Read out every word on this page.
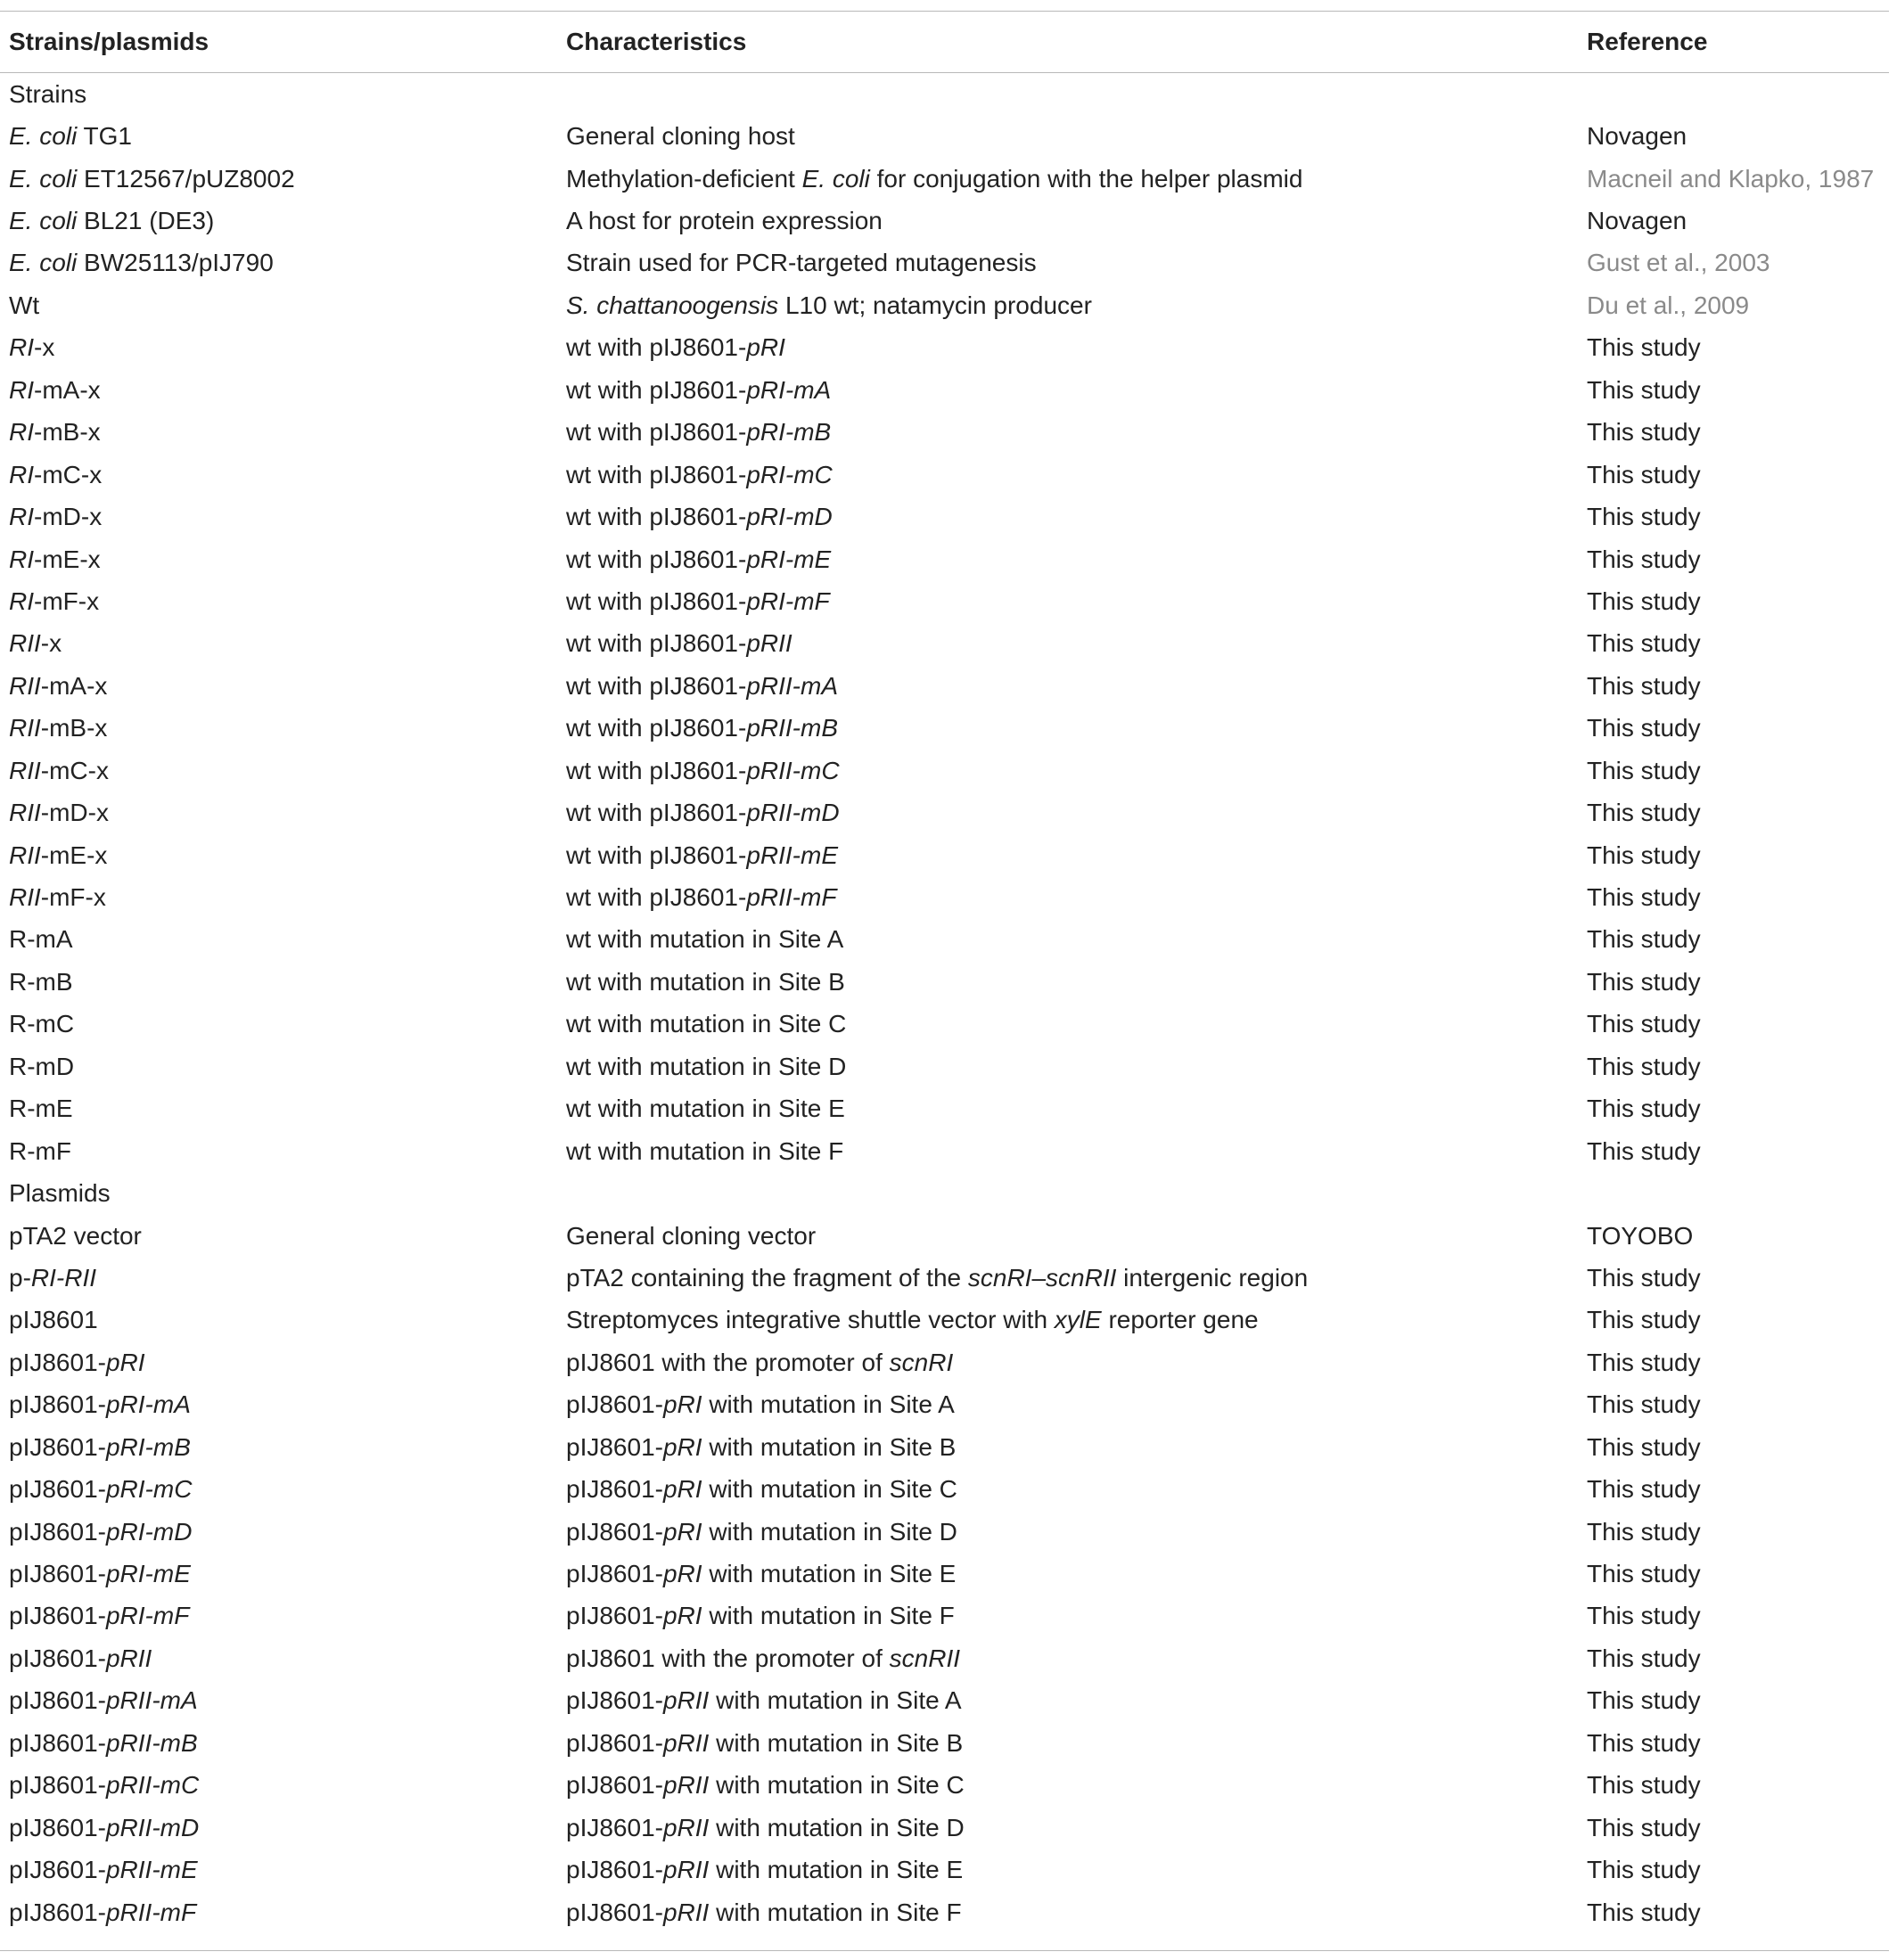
Strains/plasmids	Characteristics	Reference
Strains
E. coli TG1	General cloning host	Novagen
E. coli ET12567/pUZ8002	Methylation-deficient E. coli for conjugation with the helper plasmid	Macneil and Klapko, 1987
E. coli BL21 (DE3)	A host for protein expression	Novagen
E. coli BW25113/pIJ790	Strain used for PCR-targeted mutagenesis	Gust et al., 2003
Wt	S. chattanoogensis L10 wt; natamycin producer	Du et al., 2009
RI-x	wt with pIJ8601-pRI	This study
RI-mA-x	wt with pIJ8601-pRI-mA	This study
RI-mB-x	wt with pIJ8601-pRI-mB	This study
RI-mC-x	wt with pIJ8601-pRI-mC	This study
RI-mD-x	wt with pIJ8601-pRI-mD	This study
RI-mE-x	wt with pIJ8601-pRI-mE	This study
RI-mF-x	wt with pIJ8601-pRI-mF	This study
RII-x	wt with pIJ8601-pRII	This study
RII-mA-x	wt with pIJ8601-pRII-mA	This study
RII-mB-x	wt with pIJ8601-pRII-mB	This study
RII-mC-x	wt with pIJ8601-pRII-mC	This study
RII-mD-x	wt with pIJ8601-pRII-mD	This study
RII-mE-x	wt with pIJ8601-pRII-mE	This study
RII-mF-x	wt with pIJ8601-pRII-mF	This study
R-mA	wt with mutation in Site A	This study
R-mB	wt with mutation in Site B	This study
R-mC	wt with mutation in Site C	This study
R-mD	wt with mutation in Site D	This study
R-mE	wt with mutation in Site E	This study
R-mF	wt with mutation in Site F	This study
Plasmids
pTA2 vector	General cloning vector	TOYOBO
p-RI-RII	pTA2 containing the fragment of the scnRI–scnRII intergenic region	This study
pIJ8601	Streptomyces integrative shuttle vector with xylE reporter gene	This study
pIJ8601-pRI	pIJ8601 with the promoter of scnRI	This study
pIJ8601-pRI-mA	pIJ8601-pRI with mutation in Site A	This study
pIJ8601-pRI-mB	pIJ8601-pRI with mutation in Site B	This study
pIJ8601-pRI-mC	pIJ8601-pRI with mutation in Site C	This study
pIJ8601-pRI-mD	pIJ8601-pRI with mutation in Site D	This study
pIJ8601-pRI-mE	pIJ8601-pRI with mutation in Site E	This study
pIJ8601-pRI-mF	pIJ8601-pRI with mutation in Site F	This study
pIJ8601-pRII	pIJ8601 with the promoter of scnRII	This study
pIJ8601-pRII-mA	pIJ8601-pRII with mutation in Site A	This study
pIJ8601-pRII-mB	pIJ8601-pRII with mutation in Site B	This study
pIJ8601-pRII-mC	pIJ8601-pRII with mutation in Site C	This study
pIJ8601-pRII-mD	pIJ8601-pRII with mutation in Site D	This study
pIJ8601-pRII-mE	pIJ8601-pRII with mutation in Site E	This study
pIJ8601-pRII-mF	pIJ8601-pRII with mutation in Site F	This study
